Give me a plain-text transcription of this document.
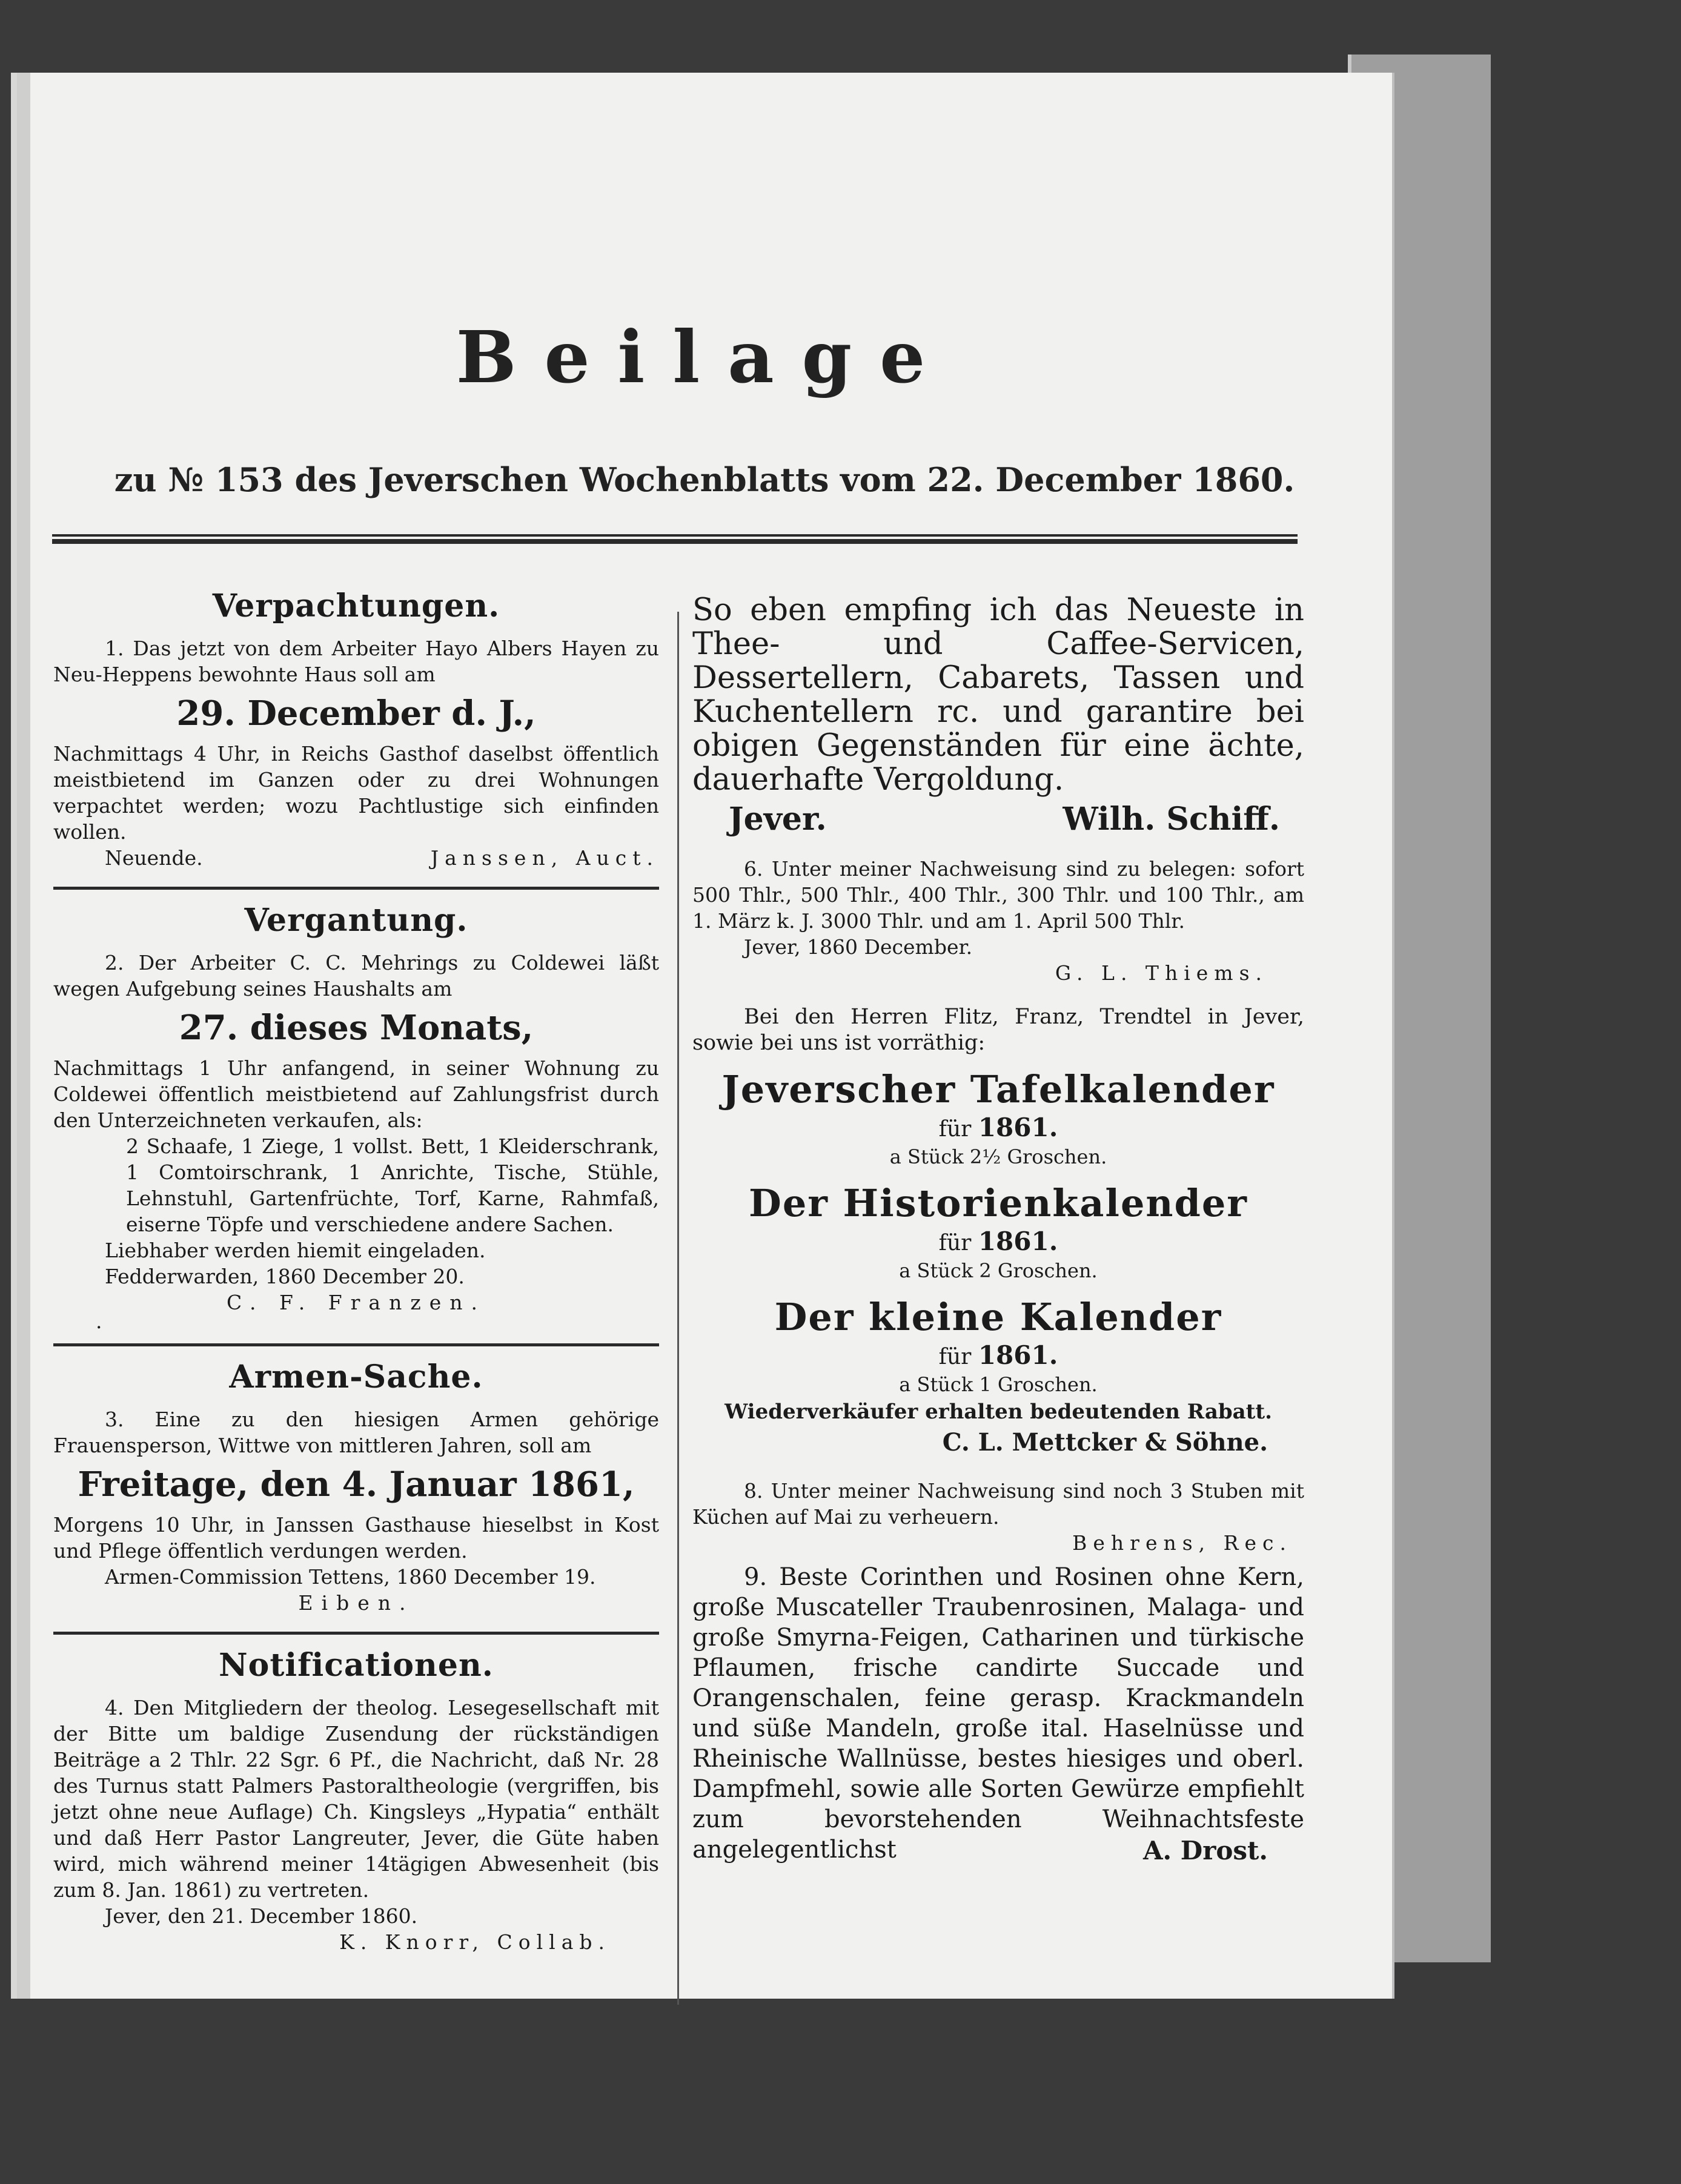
Beilage
zu № 153 des Jeverschen Wochenblatts vom 22. December 1860.
Verpachtungen.

1. Das jetzt von dem Arbeiter Hayo Albers Hayen zu Neu-Heppens bewohnte Haus soll am

29. December d. J.,

Nachmittags 4 Uhr, in Reichs Gasthof daselbst öffentlich meistbietend im Ganzen oder zu drei Wohnungen verpachtet werden; wozu Pachtlustige sich einfinden wollen.

Neuende.	Janssen, Auct.
Vergantung.

2. Der Arbeiter C. C. Mehrings zu Coldewei läßt wegen Aufgebung seines Haushalts am

27. dieses Monats,

Nachmittags 1 Uhr anfangend, in seiner Wohnung zu Coldewei öffentlich meistbietend auf Zahlungsfrist durch den Unterzeichneten verkaufen, als:

2 Schaafe, 1 Ziege, 1 vollst. Bett, 1 Kleiderschrank, 1 Comtoirschrank, 1 Anrichte, Tische, Stühle, Lehnstuhl, Gartenfrüchte, Torf, Karne, Rahmfaß, eiserne Töpfe und verschiedene andere Sachen.

Liebhaber werden hiemit eingeladen.

Fedderwarden, 1860 December 20.

C. F. Franzen.
.
Armen-Sache.

3. Eine zu den hiesigen Armen gehörige Frauensperson, Wittwe von mittleren Jahren, soll am

Freitage, den 4. Januar 1861,

Morgens 10 Uhr, in Janssen Gasthause hieselbst in Kost und Pflege öffentlich verdungen werden.

Armen-Commission Tettens, 1860 December 19.

Eiben.
Notificationen.

4. Den Mitgliedern der theolog. Lesegesellschaft mit der Bitte um baldige Zusendung der rückständigen Beiträge a 2 Thlr. 22 Sgr. 6 Pf., die Nachricht, daß Nr. 28 des Turnus statt Palmers Pastoraltheologie (vergriffen, bis jetzt ohne neue Auflage) Ch. Kingsleys „Hypatia“ enthält und daß Herr Pastor Langreuter, Jever, die Güte haben wird, mich während meiner 14tägigen Abwesenheit (bis zum 8. Jan. 1861) zu vertreten.

Jever, den 21. December 1860.

K. Knorr, Collab.

So eben empfing ich das Neueste in Thee- und Caffee-Servicen, Dessertellern, Cabarets, Tassen und Kuchentellern rc. und garantire bei obigen Gegenständen für eine ächte, dauerhafte Vergoldung.

Jever.	Wilh. Schiff.

6. Unter meiner Nachweisung sind zu belegen: sofort 500 Thlr., 500 Thlr., 400 Thlr., 300 Thlr. und 100 Thlr., am 1. März k. J. 3000 Thlr. und am 1. April 500 Thlr.

Jever, 1860 December.

G. L. Thiems.

Bei den Herren Flitz, Franz, Trendtel in Jever, sowie bei uns ist vorräthig:

Jeverscher Tafelkalender
für 1861.
a Stück 2½ Groschen.
Der Historienkalender
für 1861.
a Stück 2 Groschen.
Der kleine Kalender
für 1861.
a Stück 1 Groschen.
Wiederverkäufer erhalten bedeutenden Rabatt.
C. L. Mettcker & Söhne.

8. Unter meiner Nachweisung sind noch 3 Stuben mit Küchen auf Mai zu verheuern.

Behrens, Rec.

9. Beste Corinthen und Rosinen ohne Kern, große Muscateller Traubenrosinen, Malaga- und große Smyrna-Feigen, Catharinen und türkische Pflaumen, frische candirte Succade und Orangenschalen, feine gerasp. Krackmandeln und süße Mandeln, große ital. Haselnüsse und Rheinische Wallnüsse, bestes hiesiges und oberl. Dampfmehl, sowie alle Sorten Gewürze empfiehlt zum bevorstehenden Weihnachtsfeste angelegentlichst	A. Drost.
